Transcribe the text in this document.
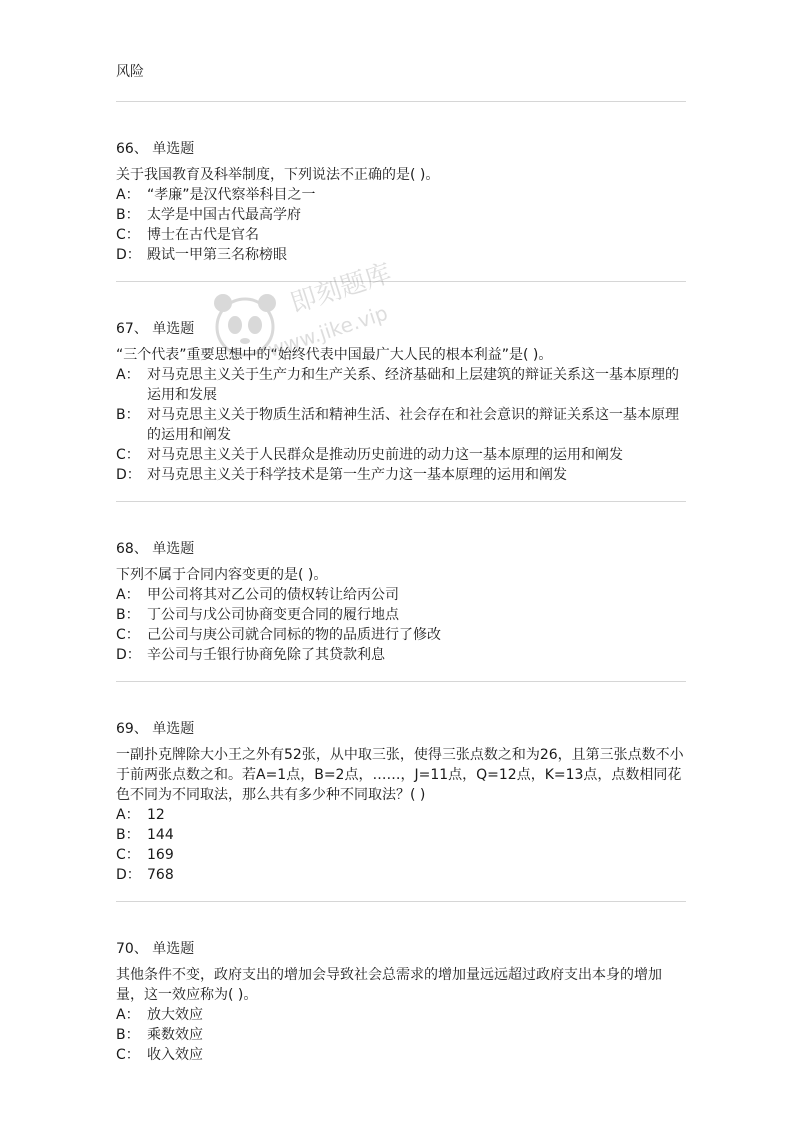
风险

66、 单选题

关于我国教育及科举制度，下列说法不正确的是( )。

A： “孝廉”是汉代察举科目之一

B： 太学是中国古代最高学府

C： 博士在古代是官名

D： 殿试一甲第三名称榜眼

67、 单选题

“三个代表”重要思想中的“始终代表中国最广大人民的根本利益”是( )。

A： 对马克思主义关于生产力和生产关系、经济基础和上层建筑的辩证关系这一基本原理的运用和发展

B： 对马克思主义关于物质生活和精神生活、社会存在和社会意识的辩证关系这一基本原理的运用和阐发

C： 对马克思主义关于人民群众是推动历史前进的动力这一基本原理的运用和阐发

D： 对马克思主义关于科学技术是第一生产力这一基本原理的运用和阐发

68、 单选题

下列不属于合同内容变更的是( )。

A： 甲公司将其对乙公司的债权转让给丙公司

B： 丁公司与戊公司协商变更合同的履行地点

C： 己公司与庚公司就合同标的物的品质进行了修改

D： 辛公司与壬银行协商免除了其贷款利息

69、 单选题

一副扑克牌除大小王之外有52张，从中取三张，使得三张点数之和为26，且第三张点数不小于前两张点数之和。若A=1点，B=2点，……，J=11点，Q=12点，K=13点，点数相同花色不同为不同取法，那么共有多少种不同取法？( )

A： 12

B： 144

C： 169

D： 768

70、 单选题

其他条件不变，政府支出的增加会导致社会总需求的增加量远远超过政府支出本身的增加量，这一效应称为( )。

A： 放大效应

B： 乘数效应

C： 收入效应

即刻题库
www.jike.vip
